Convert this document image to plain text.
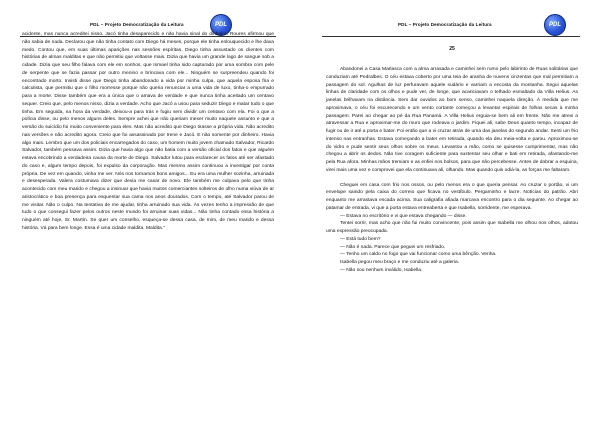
PDL – Projeto Democratização da Leitura	PDL

acidente, mas nunca acreditei nisso. Jacó tinha desaparecido e não havia sinal do dinheiro. Roures afirmou que não sabia de nada. Declarou que não tinha contato com Diego há meses, porque ele tinha enlouquecido e lhe dava medo. Contou que, em suas últimas aparições nas sessões espíritas, Diego tinha assustado os clientes com histórias de almas malditas e que não permitiu que voltasse mais. Dizia que havia um grande lago de sangue sob a cidade. Dizia que seu filho falava com ele em sonhos, que Ismael tinha sido capturado por uma sombra com pele de serpente que se fazia passar por outro menino e brincava com ele... Ninguém se surpreendeu quando foi encontrado morto. Insisti disse que Diego tinha abandonado a vida por minha culpa, que aquela esposa fria e calculista, que permitiu que o filho morresse porque não queria renunciar a uma vida de luxo, tinha-o empurrado para a morte. Disse também que era a única que o amava de verdade e que nunca tinha aceitado um centavo sequer. Creio que, pelo menos nisso, dizia a verdade. Acho que Jacó a usou para seduzir Diego e matar tudo o que tinha. Em seguida, na hora da verdade, deixou-a para trás e fugiu sem dividir um centavo com ela. Foi o que a polícia disse, ou pelo menos alguns deles. Sempre achei que não queriam mexer muito naquele assunto e que a versão do suicídio foi muito conveniente para eles. Mas não acredito que Diego tirasse a própria vida. Não acredito nas versões e não acredito agora. Creio que foi assassinado por Irene e Jacó. E não somente por dinheiro. Havia algo mais. Lembro que um dos policiais encarregados do caso, um homem muito jovem chamado Salvador, Ricardo Salvador, também pensava assim. Dizia que havia algo que não batia com a versão oficial dos fatos e que alguém estava encobrindo a verdadeira causa da morte de Diego. Salvador lutou para esclarecer os fatos até ser afastado do caso e, algum tempo depois, foi expulso da corporação. Mas mesmo assim continuou a investigar por conta própria. De vez em quando, vinha me ver. Nós nos tornamos bons amigos... Eu era uma mulher sozinha, arruinada e desesperada. Valera costumava dizer que devia me casar de novo. Ele também me culpava pelo que tinha acontecido com meu marido e chegou a insinuar que havia muitos comerciantes solteiros de olho numa viúva de ar aristocrático e boa presença para esquentar sua cama nos anos dourados. Com o tempo, até Salvador parou de me visitar. Não o culpo. Na tentativa de me ajudar, tinha arruinado sua vida. Às vezes tenho a impressão de que tudo o que consegui fazer pelos outros neste mundo foi arruinar suas vidas... Não tinha contado essa história a ninguém até hoje, Sr. Martín. Se quer um conselho, esqueça-se dessa casa, de mim, de meu marido e dessa história. Vá para bem longe. Essa é uma cidade maldita. Maldita.”

PDL – Projeto Democratização da Leitura	PDL
25

Abandonei a Casa Marlasca com a alma arrasada e caminhei sem rumo pelo labirinto de Ruas solitárias que conduziam até Pedralbes. O céu estava coberto por uma teia de aranha de nuvens cinzentas que mal permitiam a passagem do sol. Agulhas de luz perfuravam aquele sudário e varriam a encosta da montanha. Segui aquelas linhas de claridade com os olhos e pude ver, de longe, que acariciavam o telhado esmaltado da Villa Helius. As janelas brilhavam na distância. Sem dar ouvidos ao bom senso, caminhei naquela direção. À medida que me aproximava, o céu foi escurecendo e um vento cortante começou a levantar espirais de folhas secas à minha passagem. Parei ao chegar ao pé da Rua Panamá. A Villa Helius erguia-se bem ali em frente. Não me atrevi a atravessar a Rua e aproximar-me do muro que rodeava o jardim. Fiquei ali, sabe Deus quanto tempo, incapaz de fugir ou de ir até a porta e bater. Foi então que a vi cruzar atrás de uma das janelas do segundo andar. Senti um frio intenso nas entranhas. Estava começando a bater em retirada, quando ela deu meia-volta e parou. Aproximou-se do vidro e pude sentir seus olhos sobre os meus. Levantou a mão, como se quisesse cumprimentar, mas não chegou a abrir os dedos. Não tive coragem suficiente para sustentar seu olhar e bati em retirada, afastando-me pela Rua afora. Minhas mãos tremiam e as enfiei nos bolsos, para que não percebesse. Antes de dobrar a esquina, virei mais uma vez e comprovei que ela continuava ali, olhando. Mas quando quis odiá-la, as forças me faltaram.

Cheguei em casa com frio nos ossos, ou pelo menos era o que queria pensar. Ao cruzar o portão, vi um envelope saindo pela caixa do correio que ficava no vestíbulo. Pergaminho e lacre. Notícias do patrão. Abri enquanto me arrastava escada acima. Sua caligrafia afiada marcava encontro para o dia seguinte. Ao chegar ao patamar de entrada, vi que a porta estava entreaberta e que Isabella, sorridente, me esperava.

— Estava no escritório e vi que estava chegando — disse.

Tentei sorrir, mas acho que não fui muito convincente, pois assim que Isabella me olhou nos olhos, adotou uma expressão preocupada.

— Está tudo bem?

— Não é nada. Parece que peguei um resfriado.

— Tenho um caldo no fogo que vai funcionar como uma bênção. Venha.

Isabella pegou meu braço e me conduziu até a galeria.

— Não sou nenhum inválido, Isabella.
